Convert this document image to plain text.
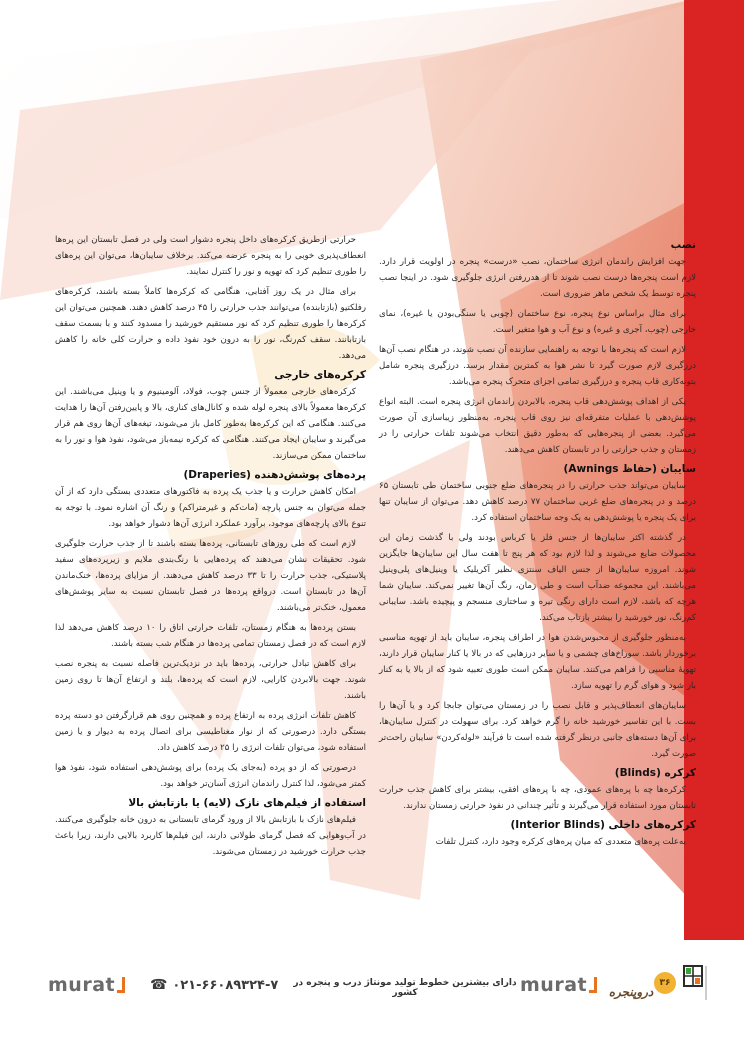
نصب

جهت افزایش راندمان انرژی ساختمان، نصب «درست» پنجره در اولویت قرار دارد. لازم است پنجره‌ها درست نصب شوند تا از هدررفتن انرژی جلوگیری شود. در اینجا نصب پنجره توسط یک شخص ماهر ضروری است.

برای مثال براساس نوع پنجره، نوع ساختمان (چوبی یا سنگی‌بودن یا غیره)، نمای خارجی (چوب، آجری و غیره) و نوع آب و هوا متغیر است.

لازم است که پنجره‌ها با توجه به راهنمایی سازنده آن نصب شوند، در هنگام نصب آن‌ها درزگیری لازم صورت گیرد تا نشر هوا به کمترین مقدار برسد. درزگیری پنجره شامل بتونه‌کاری قاب پنجره و درزگیری تمامی اجزای متحرک پنجره می‌باشد.

یکی از اهداف پوشش‌دهی قاب پنجره، بالابردن راندمان انرژی پنجره است. البته انواع پوشش‌دهی با عملیات متفرقه‌ای نیز روی قاب پنجره، به‌منظور زیباسازی آن صورت می‌گیرد. بعضی از پنجره‌هایی که به‌طور دقیق انتخاب می‌شوند تلفات حرارتی را در زمستان و جذب حرارتی را در تابستان کاهش می‌دهند.

سایبان (حفاظ Awnings)

سایبان می‌تواند جذب حرارتی را در پنجره‌های ضلع جنوبی ساختمان طی تابستان ۶۵ درصد و در پنجره‌های ضلع غربی ساختمان ۷۷ درصد کاهش دهد. می‌توان از سایبان تنها برای یک پنجره یا پوشش‌دهی به یک وجه ساختمان استفاده کرد.

در گذشته اکثر سایبان‌ها از جنس فلز یا کرباس بودند ولی با گذشت زمان این محصولات ضایع می‌شوند و لذا لازم بود که هر پنج تا هفت سال این سایبان‌ها جایگزین شوند. امروزه سایبان‌ها از جنس الیاف سنتزی نظیر آکریلیک یا وینیل‌های پلی‌وینیل می‌باشند. این مجموعه ضدآب است و طی زمان، رنگ آن‌ها تغییر نمی‌کند. سایبان شما هرچه که باشد، لازم است دارای رنگی تیره و ساختاری منسجم و پیچیده باشد. سایبانی کم‌رنگ، نور خورشید را بیشتر بازتاب می‌کند.

به‌منظور جلوگیری از محبوس‌شدن هوا در اطراف پنجره، سایبان باید از تهویه مناسبی برخوردار باشد. سوراخ‌های چشمی و یا سایر درزهایی که در بالا یا کنار سایبان قرار دارند، تهویهٔ مناسبی را فراهم می‌کنند. سایبان ممکن است طوری تعبیه شود که از بالا یا به کنار باز شود و هوای گرم را تهویه سازد.

سایبان‌های انعطاف‌پذیر و قابل نصب را در زمستان می‌توان جابجا کرد و یا آن‌ها را بست. با این تفاسیر خورشید خانه را گرم خواهد کرد. برای سهولت در کنترل سایبان‌ها، برای آن‌ها دسته‌های جانبی درنظر گرفته شده است تا فرآیند «لوله‌کردن» سایبان راحت‌تر صورت گیرد.

کرکره (Blinds)

کرکره‌ها چه با پره‌های عمودی، چه با پره‌های افقی، بیشتر برای کاهش جذب حرارت تابستان مورد استفاده قرار می‌گیرند و تأثیر چندانی در نفوذ حرارتی زمستان ندارند.

کرکره‌های داخلی (Interior Blinds)

به‌علت پره‌های متعددی که میان پره‌های کرکره وجود دارد، کنترل تلفات

حرارتی ازطریق کرکره‌های داخل پنجره دشوار است ولی در فصل تابستان این پره‌ها انعطاف‌پذیری خوبی را به پنجره عرضه می‌کند. برخلاف سایبان‌ها، می‌توان این پره‌های را طوری تنظیم کرد که تهویه و نور را کنترل نمایند.

برای مثال در یک روز آفتابی، هنگامی که کرکره‌ها کاملاً بسته باشند، کرکره‌های رفلکتیو (بازتابنده) می‌توانند جذب حرارتی را ۴۵ درصد کاهش دهند. همچنین می‌توان این کرکره‌ها را طوری تنظیم کرد که نور مستقیم خورشید را مسدود کنند و با بسمت سقف بازتابانند. سقف کم‌رنگ، نور را به درون خود نفوذ داده و حرارت کلی خانه را کاهش می‌دهد.

کرکره‌های خارجی

کرکره‌های خارجی معمولاً از جنس چوب، فولاد، آلومینیوم و یا وینیل می‌باشند. این کرکره‌ها معمولاً بالای پنجره لوله شده و کانال‌های کناری، بالا و پایین‌رفتن آن‌ها را هدایت می‌کنند. هنگامی که این کرکره‌ها به‌طور کامل باز می‌شوند، تیغه‌های آن‌ها روی هم قرار می‌گیرند و سایبان ایجاد می‌کنند. هنگامی که کرکره نیمه‌باز می‌شود، نفوذ هوا و نور را به ساختمان ممکن می‌سازند.

پرده‌های پوشش‌دهنده (Draperies)

امکان کاهش حرارت و یا جذب یک پرده به فاکتورهای متعددی بستگی دارد که از آن جمله می‌توان به جنس پارچه (مات‌کم و غیرمتراکم) و رنگ آن اشاره نمود. با توجه به تنوع بالای پارچه‌های موجود، برآورد عملکرد انرژی آن‌ها دشوار خواهد بود.

لازم است که طی روزهای تابستانی، پرده‌ها بسته باشند تا از جذب حرارت جلوگیری شود. تحقیقات نشان می‌دهند که پرده‌هایی با رنگ‌بندی ملایم و زیرپرده‌های سفید پلاستیکی، جذب حرارت را تا ۳۳ درصد کاهش می‌دهند. از مزایای پرده‌ها، خنک‌ماندن آن‌ها در تابستان است. درواقع پرده‌ها در فصل تابستان نسبت به سایر پوشش‌های معمول، خنک‌تر می‌باشند.

بستن پرده‌ها به هنگام زمستان، تلفات حرارتی اتاق را ۱۰ درصد کاهش می‌دهد لذا لازم است که در فصل زمستان تمامی پرده‌ها در هنگام شب بسته باشند.

برای کاهش تبادل حرارتی، پرده‌ها باید در نزدیک‌ترین فاصله نسبت به پنجره نصب شوند. جهت بالابردن کارایی، لازم است که پرده‌ها، بلند و ارتفاع آن‌ها تا روی زمین باشند.

کاهش تلفات انرژی پرده به ارتفاع پرده و همچنین روی هم قرارگرفتن دو دسته پرده بستگی دارد. درصورتی که از نوار مغناطیسی برای اتصال پرده به دیوار و یا زمین استفاده شود، می‌توان تلفات انرژی را ۲۵ درصد کاهش داد.

درصورتی که از دو پرده (به‌جای یک پرده) برای پوشش‌دهی استفاده شود، نفوذ هوا کمتر می‌شود، لذا کنترل راندمان انرژی آسان‌تر خواهد بود.

استفاده از فیلم‌های نازک (لایه) یا بازتابش بالا

فیلم‌های نازک با بازتابش بالا از ورود گرمای تابستانی به درون خانه جلوگیری می‌کنند. در آب‌وهوایی که فصل گرمای طولانی دارند، این فیلم‌ها کاربرد بالایی دارند، زیرا باعث جذب حرارت خورشید در زمستان می‌شوند.

murat	☎ ۰۲۱-۶۶۰۸۹۳۲۴-۷	دارای بیشترین خطوط تولید مونتاژ درب و پنجره در کشور	murat	۳۶
دروپنجره
